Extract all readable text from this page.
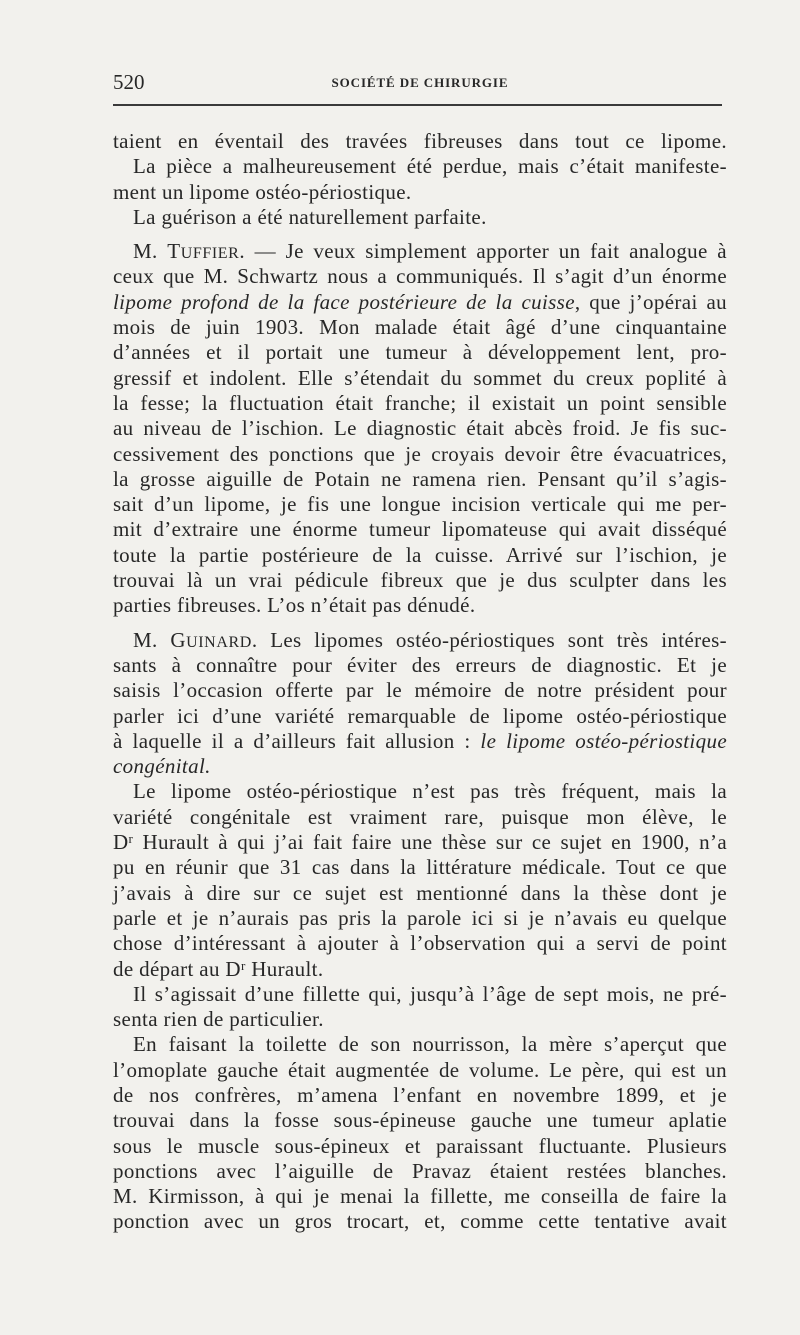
520	SOCIÉTÉ DE CHIRURGIE
taient en éventail des travées fibreuses dans tout ce lipome.
La pièce a malheureusement été perdue, mais c’était manifeste-
ment un lipome ostéo-périostique.
La guérison a été naturellement parfaite.
M. TUFFIER. — Je veux simplement apporter un fait analogue à
ceux que M. Schwartz nous a communiqués. Il s’agit d’un énorme
lipome profond de la face postérieure de la cuisse, que j’opérai au
mois de juin 1903. Mon malade était âgé d’une cinquantaine
d’années et il portait une tumeur à développement lent, pro-
gressif et indolent. Elle s’étendait du sommet du creux poplité à
la fesse; la fluctuation était franche; il existait un point sensible
au niveau de l’ischion. Le diagnostic était abcès froid. Je fis suc-
cessivement des ponctions que je croyais devoir être évacuatrices,
la grosse aiguille de Potain ne ramena rien. Pensant qu’il s’agis-
sait d’un lipome, je fis une longue incision verticale qui me per-
mit d’extraire une énorme tumeur lipomateuse qui avait disséqué
toute la partie postérieure de la cuisse. Arrivé sur l’ischion, je
trouvai là un vrai pédicule fibreux que je dus sculpter dans les
parties fibreuses. L’os n’était pas dénudé.
M. GUINARD. Les lipomes ostéo-périostiques sont très intéres-
sants à connaître pour éviter des erreurs de diagnostic. Et je
saisis l’occasion offerte par le mémoire de notre président pour
parler ici d’une variété remarquable de lipome ostéo-périostique
à laquelle il a d’ailleurs fait allusion : le lipome ostéo-périostique
congénital.
Le lipome ostéo-périostique n’est pas très fréquent, mais la
variété congénitale est vraiment rare, puisque mon élève, le
$D^r$ Hurault à qui j’ai fait faire une thèse sur ce sujet en 1900, n’a
pu en réunir que 31 cas dans la littérature médicale. Tout ce que
j’avais à dire sur ce sujet est mentionné dans la thèse dont je
parle et je n’aurais pas pris la parole ici si je n’avais eu quelque
chose d’intéressant à ajouter à l’observation qui a servi de point
de départ au $D^r$ Hurault.
Il s’agissait d’une fillette qui, jusqu’à l’âge de sept mois, ne pré-
senta rien de particulier.
En faisant la toilette de son nourrisson, la mère s’aperçut que
l’omoplate gauche était augmentée de volume. Le père, qui est un
de nos confrères, m’amena l’enfant en novembre 1899, et je
trouvai dans la fosse sous-épineuse gauche une tumeur aplatie
sous le muscle sous-épineux et paraissant fluctuante. Plusieurs
ponctions avec l’aiguille de Pravaz étaient restées blanches.
M. Kirmisson, à qui je menai la fillette, me conseilla de faire la
ponction avec un gros trocart, et, comme cette tentative avait
